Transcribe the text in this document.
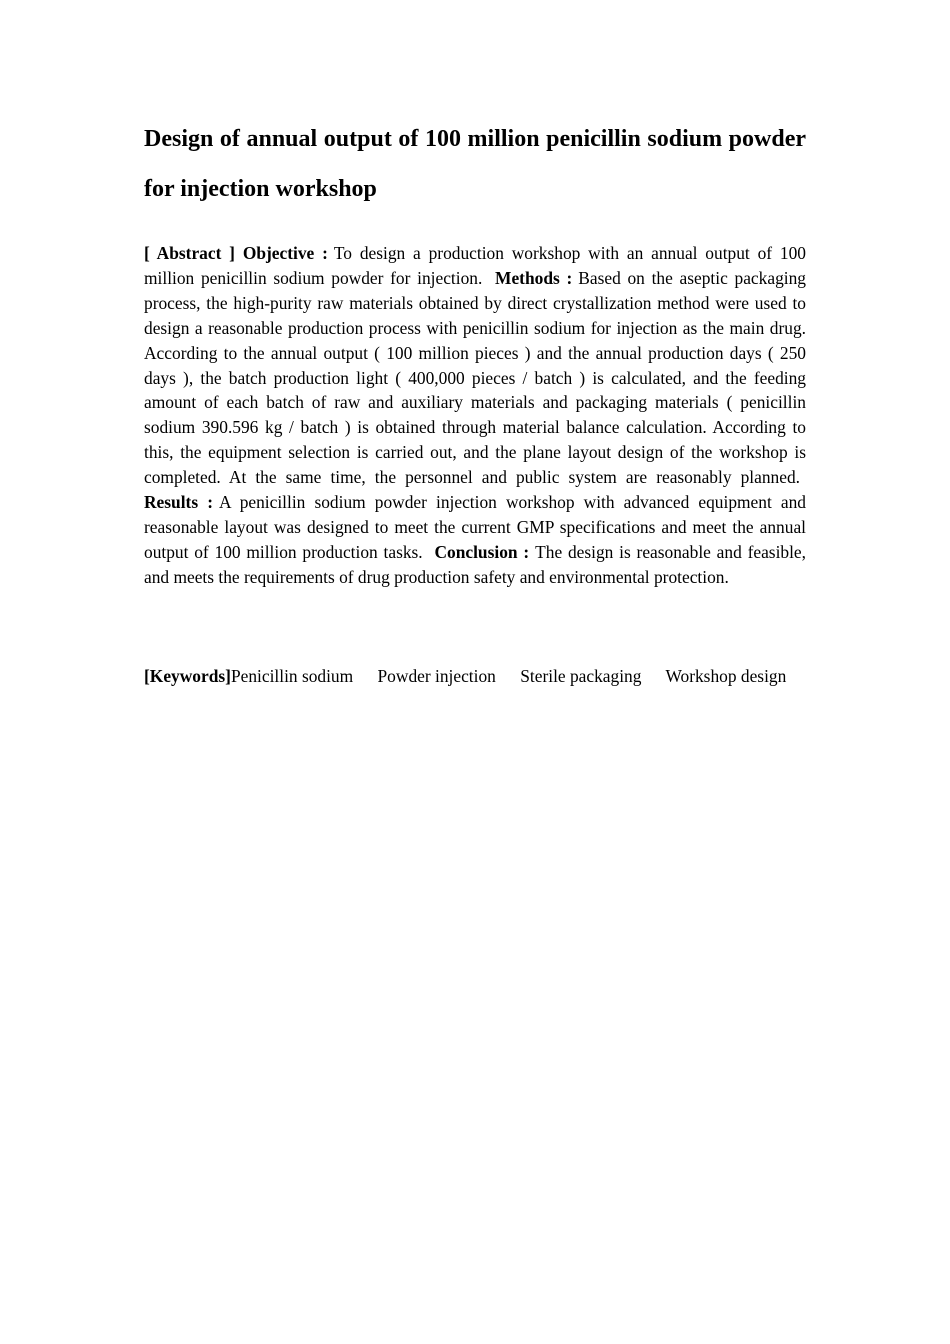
Design of annual output of 100 million penicillin sodium powder for injection workshop

[ Abstract ] Objective : To design a production workshop with an annual output of 100 million penicillin sodium powder for injection. Methods : Based on the aseptic packaging process, the high-purity raw materials obtained by direct crystallization method were used to design a reasonable production process with penicillin sodium for injection as the main drug. According to the annual output ( 100 million pieces ) and the annual production days ( 250 days ), the batch production light ( 400,000 pieces / batch ) is calculated, and the feeding amount of each batch of raw and auxiliary materials and packaging materials ( penicillin sodium 390.596 kg / batch ) is obtained through material balance calculation. According to this, the equipment selection is carried out, and the plane layout design of the workshop is completed. At the same time, the personnel and public system are reasonably planned. Results : A penicillin sodium powder injection workshop with advanced equipment and reasonable layout was designed to meet the current GMP specifications and meet the annual output of 100 million production tasks. Conclusion : The design is reasonable and feasible, and meets the requirements of drug production safety and environmental protection.

[Keywords]Penicillin sodium Powder injection Sterile packaging Workshop design
